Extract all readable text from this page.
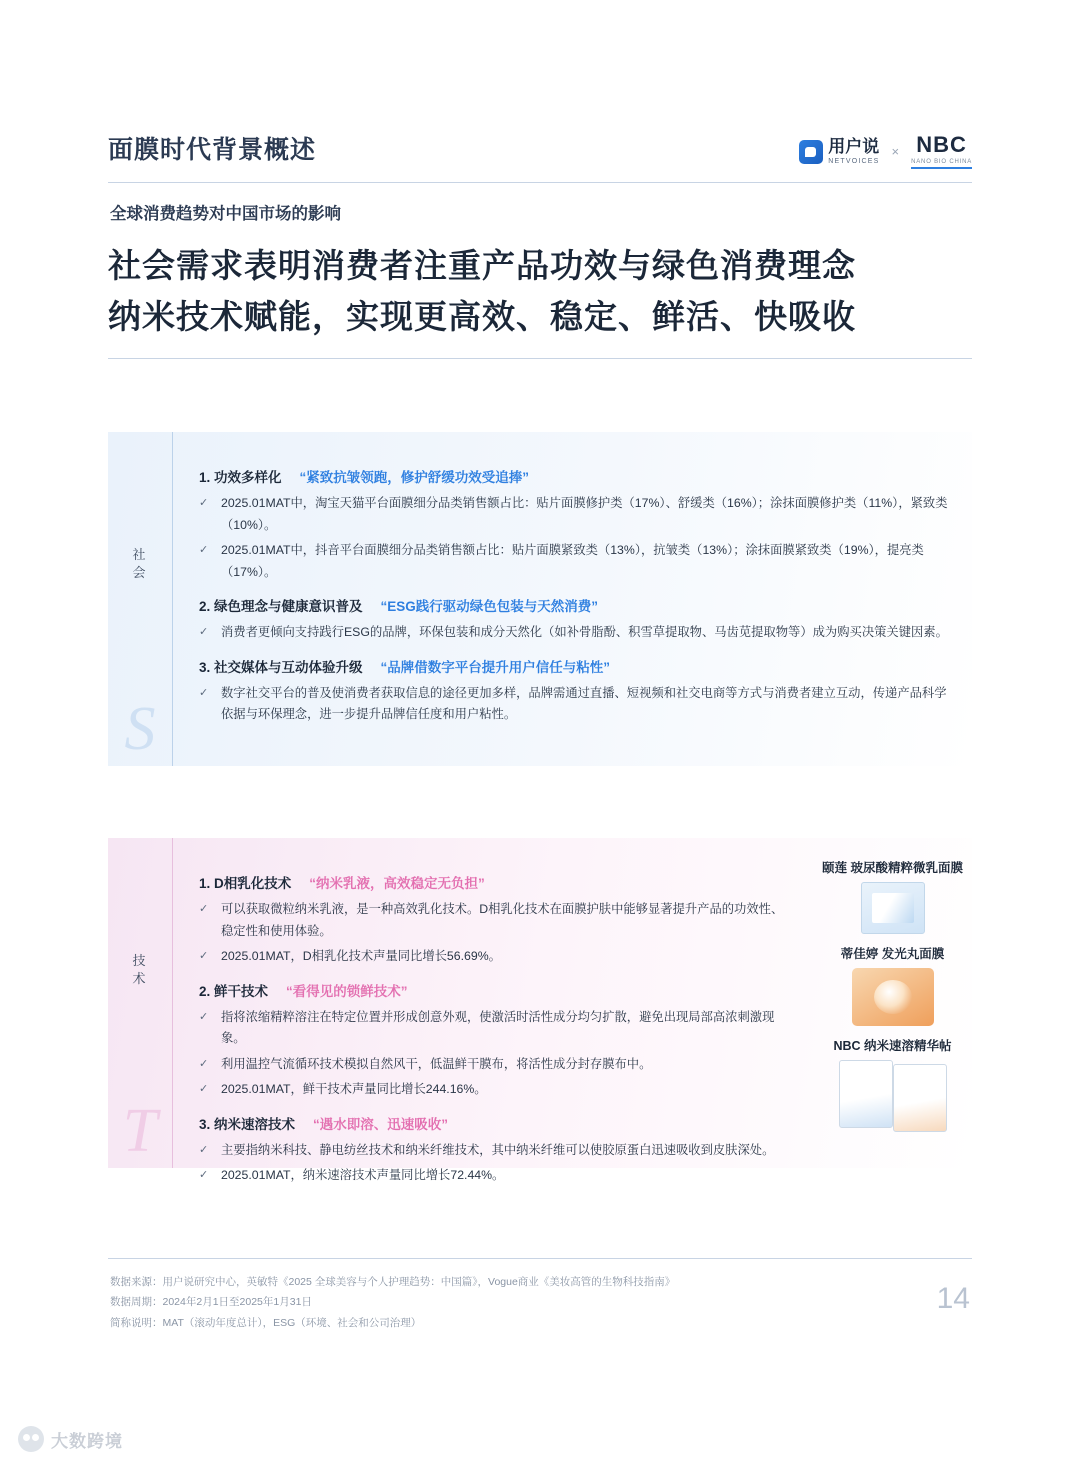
面膜时代背景概述	用户说
NETVOICES
× NBC
NANO BIO CHINA
全球消费趋势对中国市场的影响
社会需求表明消费者注重产品功效与绿色消费理念
纳米技术赋能，实现更高效、稳定、鲜活、快吸收
社会
S
1. 功效多样化 “紧致抗皱领跑，修护舒缓功效受追捧”
✓	2025.01MAT中，淘宝天猫平台面膜细分品类销售额占比：贴片面膜修护类（17%）、舒缓类（16%）；涂抹面膜修护类（11%），紧致类（10%）。
✓	2025.01MAT中，抖音平台面膜细分品类销售额占比：贴片面膜紧致类（13%），抗皱类（13%）；涂抹面膜紧致类（19%），提亮类（17%）。
2. 绿色理念与健康意识普及 “ESG践行驱动绿色包装与天然消费”
✓	消费者更倾向支持践行ESG的品牌，环保包装和成分天然化（如补骨脂酚、积雪草提取物、马齿苋提取物等）成为购买决策关键因素。
3. 社交媒体与互动体验升级 “品牌借数字平台提升用户信任与粘性”
✓	数字社交平台的普及使消费者获取信息的途径更加多样，品牌需通过直播、短视频和社交电商等方式与消费者建立互动，传递产品科学依据与环保理念，进一步提升品牌信任度和用户粘性。
技术
T
1. D相乳化技术 “纳米乳液，高效稳定无负担”
✓	可以获取微粒纳米乳液，是一种高效乳化技术。D相乳化技术在面膜护肤中能够显著提升产品的功效性、稳定性和使用体验。
✓	2025.01MAT，D相乳化技术声量同比增长56.69%。
2. 鲜干技术 “看得见的锁鲜技术”
✓	指将浓缩精粹溶注在特定位置并形成创意外观，使激活时活性成分均匀扩散，避免出现局部高浓刺激现象。
✓	利用温控气流循环技术模拟自然风干，低温鲜干膜布，将活性成分封存膜布中。
✓	2025.01MAT，鲜干技术声量同比增长244.16%。
3. 纳米速溶技术 “遇水即溶、迅速吸收”
✓	主要指纳米科技、静电纺丝技术和纳米纤维技术，其中纳米纤维可以使胶原蛋白迅速吸收到皮肤深处。
✓	2025.01MAT，纳米速溶技术声量同比增长72.44%。
颐莲 玻尿酸精粹微乳面膜
蒂佳婷 发光丸面膜
NBC 纳米速溶精华帖
数据来源：用户说研究中心，英敏特《2025 全球美容与个人护理趋势：中国篇》，Vogue商业《美妆高管的生物科技指南》
数据周期：2024年2月1日至2025年1月31日
简称说明：MAT（滚动年度总计），ESG（环境、社会和公司治理）
14
大数跨境
